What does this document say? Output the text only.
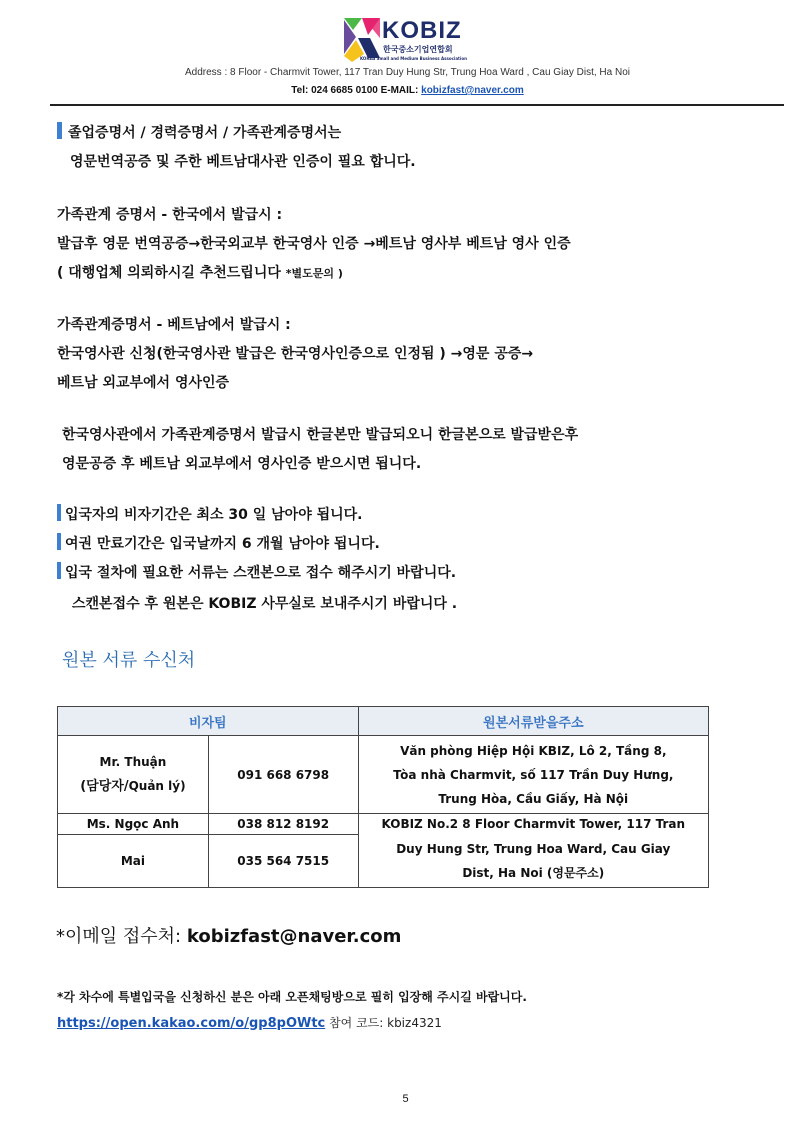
KOBIZ
한국중소기업연합회
KOREA Small and Medium Business Association
Address : 8 Floor - Charmvit Tower, 117 Tran Duy Hung Str, Trung Hoa Ward , Cau Giay Dist, Ha Noi
Tel: 024 6685 0100 E-MAIL: kobizfast@naver.com
졸업증명서 / 경력증명서 / 가족관계증명서는
영문번역공증 및 주한 베트남대사관 인증이 필요 합니다.
가족관계 증명서 - 한국에서 발급시 :
발급후 영문 번역공증→한국외교부 한국영사 인증 →베트남 영사부 베트남 영사 인증
( 대행업체 의뢰하시길 추천드립니다 *별도문의 )
가족관계증명서 - 베트남에서 발급시 :
한국영사관 신청(한국영사관 발급은 한국영사인증으로 인정됨 ) →영문 공증→
베트남 외교부에서 영사인증
한국영사관에서 가족관계증명서 발급시 한글본만 발급되오니 한글본으로 발급받은후
영문공증 후 베트남 외교부에서 영사인증 받으시면 됩니다.
입국자의 비자기간은 최소 30 일 남아야 됩니다.
여권 만료기간은 입국날까지 6 개월 남아야 됩니다.
입국 절차에 필요한 서류는 스캔본으로 접수 해주시기 바랍니다.
스캔본접수 후 원본은 KOBIZ 사무실로 보내주시기 바랍니다 .
원본 서류 수신처
비자팀		원본서류받을주소
Mr. Thuận
(담당자/Quản lý)	091 668 6798	Văn phòng Hiệp Hội KBIZ, Lô 2, Tầng 8,
Tòa nhà Charmvit, số 117 Trần Duy Hưng,
Trung Hòa, Cầu Giấy, Hà Nội
Ms. Ngọc Anh	038 812 8192	KOBIZ No.2 8 Floor Charmvit Tower, 117 Tran
Mai	035 564 7515	Duy Hung Str, Trung Hoa Ward, Cau Giay
Dist, Ha Noi (영문주소)
*이메일 접수처: kobizfast@naver.com
*각 차수에 특별입국을 신청하신 분은 아래 오픈채팅방으로 필히 입장해 주시길 바랍니다.
https://open.kakao.com/o/gp8pOWtc 참여 코드: kbiz4321
5
